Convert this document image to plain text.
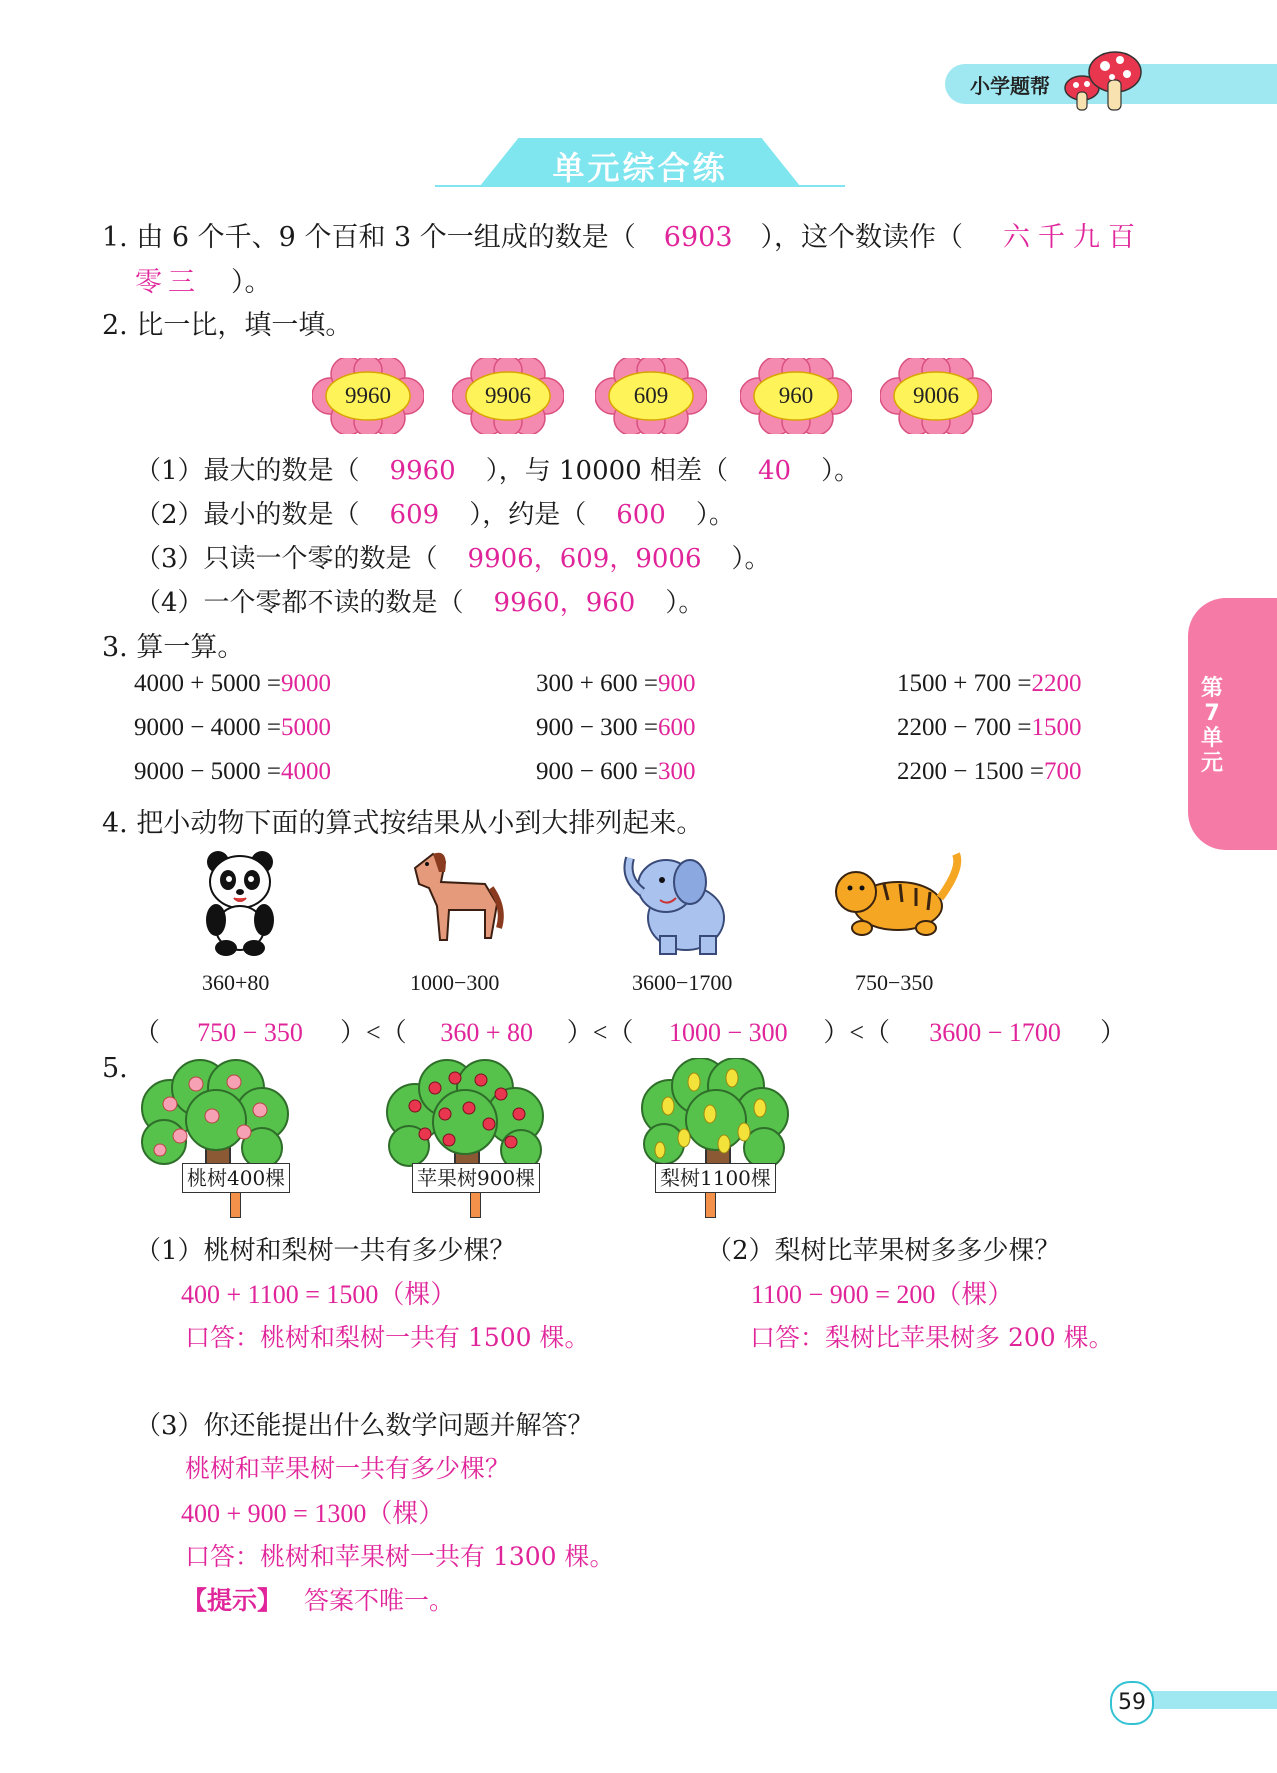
小学题帮
单元综合练
第7单元
1. 由 6 个千、9 个百和 3 个一组成的数是（ 6903 ），这个数读作（ 六千九百
零三 ）。
2. 比一比，填一填。
9960	9906	609	960	9006
（1）最大的数是（ 9960 ），与 10000 相差（ 40 ）。
（2）最小的数是（ 609 ），约是（ 600 ）。
（3）只读一个零的数是（ 9906，609，9006 ）。
（4）一个零都不读的数是（ 9960，960 ）。
3. 算一算。
4000 + 5000 =9000	300 + 600 =900	1500 + 700 =2200
9000 − 4000 =5000	900 − 300 =600	2200 − 700 =1500
9000 − 5000 =4000	900 − 600 =300	2200 − 1500 =700
4. 把小动物下面的算式按结果从小到大排列起来。
360+80	1000−300	3600−1700	750−350
（ 750 − 350 ）<（ 360 + 80 ）<（ 1000 − 300 ）<（ 3600 − 1700 ）
5.
桃树400棵	苹果树900棵	梨树1100棵
（1）桃树和梨树一共有多少棵？
400 + 1100 = 1500（棵）
口答：桃树和梨树一共有 1500 棵。
（2）梨树比苹果树多多少棵？
1100 − 900 = 200（棵）
口答：梨树比苹果树多 200 棵。
（3）你还能提出什么数学问题并解答？
桃树和苹果树一共有多少棵？
400 + 900 = 1300（棵）
口答：桃树和苹果树一共有 1300 棵。
【提示】 答案不唯一。
59
